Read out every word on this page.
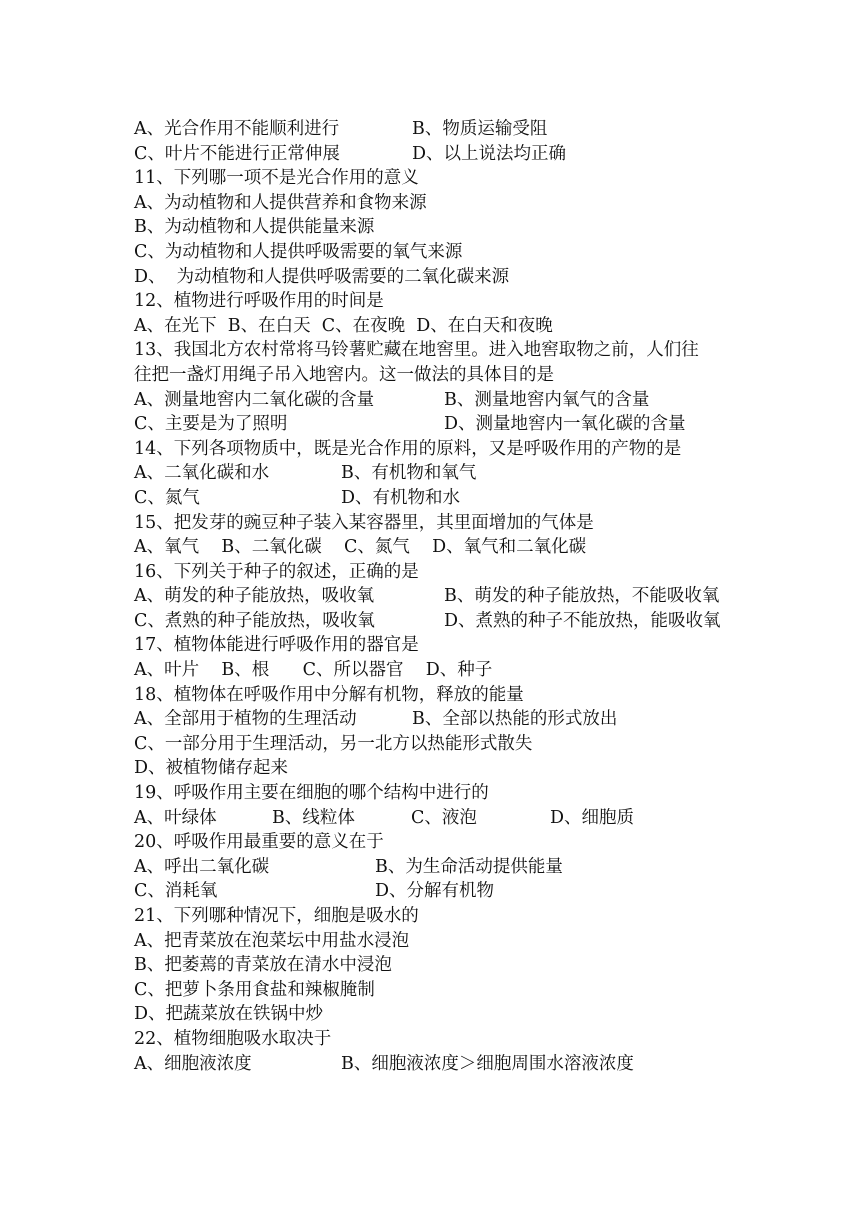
A、光合作用不能顺利进行	B、物质运输受阻
C、叶片不能进行正常伸展	D、以上说法均正确
11、下列哪一项不是光合作用的意义
A、为动植物和人提供营养和食物来源
B、为动植物和人提供能量来源
C、为动植物和人提供呼吸需要的氧气来源
D、  为动植物和人提供呼吸需要的二氧化碳来源
12、植物进行呼吸作用的时间是
A、在光下  B、在白天  C、在夜晚  D、在白天和夜晚
13、我国北方农村常将马铃薯贮藏在地窖里。进入地窖取物之前，人们往
往把一盏灯用绳子吊入地窖内。这一做法的具体目的是
A、测量地窖内二氧化碳的含量	B、测量地窖内氧气的含量
C、主要是为了照明	D、测量地窖内一氧化碳的含量
14、下列各项物质中，既是光合作用的原料，又是呼吸作用的产物的是
A、二氧化碳和水	B、有机物和氧气
C、氮气	D、有机物和水
15、把发芽的豌豆种子装入某容器里，其里面增加的气体是
A、氧气    B、二氧化碳    C、氮气    D、氧气和二氧化碳
16、下列关于种子的叙述，正确的是
A、萌发的种子能放热，吸收氧	B、萌发的种子能放热，不能吸收氧
C、煮熟的种子能放热，吸收氧	D、煮熟的种子不能放热，能吸收氧
17、植物体能进行呼吸作用的器官是
A、叶片    B、根      C、所以器官    D、种子
18、植物体在呼吸作用中分解有机物，释放的能量
A、全部用于植物的生理活动	B、全部以热能的形式放出
C、一部分用于生理活动，另一北方以热能形式散失
D、被植物储存起来
19、呼吸作用主要在细胞的哪个结构中进行的
A、叶绿体	B、线粒体	C、液泡	D、细胞质
20、呼吸作用最重要的意义在于
A、呼出二氧化碳	B、为生命活动提供能量
C、消耗氧	D、分解有机物
21、下列哪种情况下，细胞是吸水的
A、把青菜放在泡菜坛中用盐水浸泡
B、把萎蔫的青菜放在清水中浸泡
C、把萝卜条用食盐和辣椒腌制
D、把蔬菜放在铁锅中炒
22、植物细胞吸水取决于
A、细胞液浓度	B、细胞液浓度＞细胞周围水溶液浓度
